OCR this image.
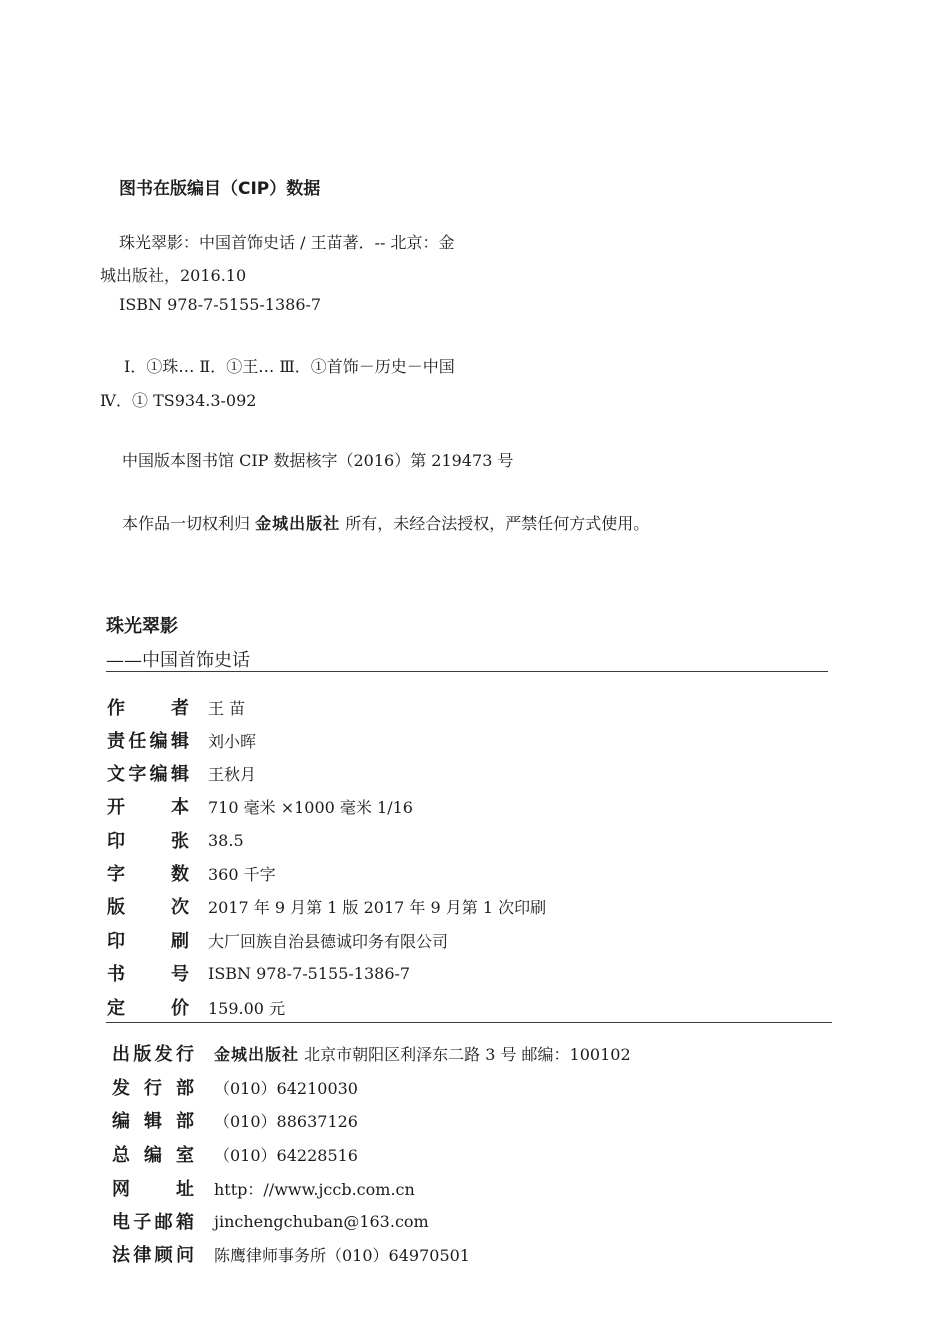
图书在版编目（CIP）数据
珠光翠影：中国首饰史话 / 王苗著．-- 北京：金
城出版社，2016.10
ISBN 978-7-5155-1386-7
Ⅰ．①珠… Ⅱ．①王… Ⅲ．①首饰－历史－中国
Ⅳ．① TS934.3-092
中国版本图书馆 CIP 数据核字（2016）第 219473 号
本作品一切权利归 金城出版社 所有，未经合法授权，严禁任何方式使用。
珠光翠影
——中国首饰史话
作者 王 苗
责任编辑 刘小晖
文字编辑 王秋月
开本 710 毫米 ×1000 毫米 1/16
印张 38.5
字数 360 千字
版次 2017 年 9 月第 1 版 2017 年 9 月第 1 次印刷
印刷 大厂回族自治县德诚印务有限公司
书号 ISBN 978-7-5155-1386-7
定价 159.00 元
出版发行 金城出版社 北京市朝阳区利泽东二路 3 号 邮编：100102
发行部 （010）64210030
编辑部 （010）88637126
总编室 （010）64228516
网址 http：//www.jccb.com.cn
电子邮箱 jinchengchuban@163.com
法律顾问 陈鹰律师事务所（010）64970501
